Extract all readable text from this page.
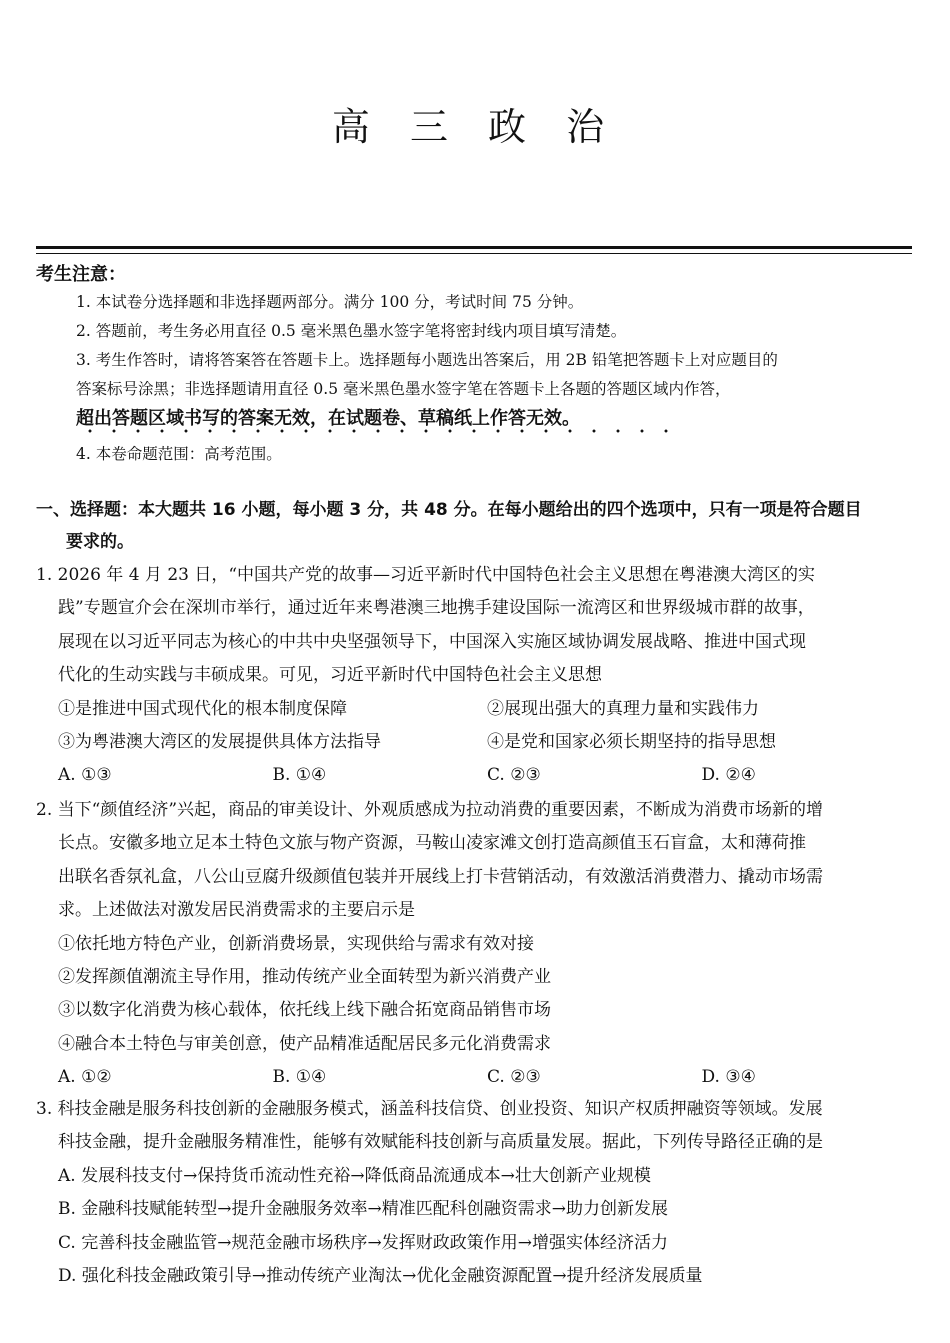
高 三 政 治
考生注意：
1. 本试卷分选择题和非选择题两部分。满分 100 分，考试时间 75 分钟。
2. 答题前，考生务必用直径 0.5 毫米黑色墨水签字笔将密封线内项目填写清楚。
3. 考生作答时，请将答案答在答题卡上。选择题每小题选出答案后，用 2B 铅笔把答题卡上对应题目的
答案标号涂黑；非选择题请用直径 0.5 毫米黑色墨水签字笔在答题卡上各题的答题区域内作答，
超出答题区域书写的答案无效，在试题卷、草稿纸上作答无效。
4. 本卷命题范围：高考范围。
一、选择题：本大题共 16 小题，每小题 3 分，共 48 分。在每小题给出的四个选项中，只有一项是符合题目
要求的。

1. 2026 年 4 月 23 日，“中国共产党的故事—习近平新时代中国特色社会主义思想在粤港澳大湾区的实

践”专题宣介会在深圳市举行，通过近年来粤港澳三地携手建设国际一流湾区和世界级城市群的故事，

展现在以习近平同志为核心的中共中央坚强领导下，中国深入实施区域协调发展战略、推进中国式现

代化的生动实践与丰硕成果。可见，习近平新时代中国特色社会主义思想

①是推进中国式现代化的根本制度保障	②展现出强大的真理力量和实践伟力
③为粤港澳大湾区的发展提供具体方法指导	④是党和国家必须长期坚持的指导思想
A. ①③	B. ①④	C. ②③	D. ②④

2. 当下“颜值经济”兴起，商品的审美设计、外观质感成为拉动消费的重要因素，不断成为消费市场新的增

长点。安徽多地立足本土特色文旅与物产资源，马鞍山凌家滩文创打造高颜值玉石盲盒，太和薄荷推

出联名香氛礼盒，八公山豆腐升级颜值包装并开展线上打卡营销活动，有效激活消费潜力、撬动市场需

求。上述做法对激发居民消费需求的主要启示是

①依托地方特色产业，创新消费场景，实现供给与需求有效对接

②发挥颜值潮流主导作用，推动传统产业全面转型为新兴消费产业

③以数字化消费为核心载体，依托线上线下融合拓宽商品销售市场

④融合本土特色与审美创意，使产品精准适配居民多元化消费需求

A. ①②	B. ①④	C. ②③	D. ③④

3. 科技金融是服务科技创新的金融服务模式，涵盖科技信贷、创业投资、知识产权质押融资等领域。发展

科技金融，提升金融服务精准性，能够有效赋能科技创新与高质量发展。据此，下列传导路径正确的是

A. 发展科技支付→保持货币流动性充裕→降低商品流通成本→壮大创新产业规模

B. 金融科技赋能转型→提升金融服务效率→精准匹配科创融资需求→助力创新发展

C. 完善科技金融监管→规范金融市场秩序→发挥财政政策作用→增强实体经济活力

D. 强化科技金融政策引导→推动传统产业淘汰→优化金融资源配置→提升经济发展质量
